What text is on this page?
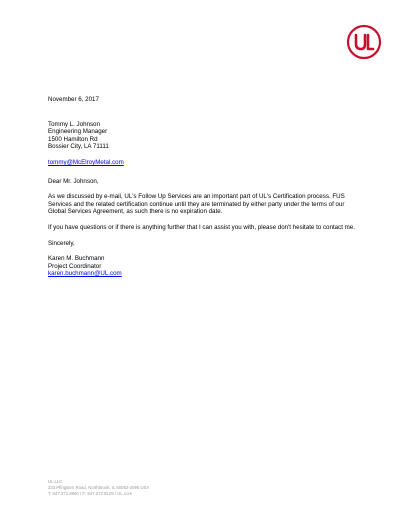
UL

November 6, 2017

Tommy L. Johnson

Engineering Manager

1500 Hamilton Rd

Bossier City, LA 71111

tommy@McElroyMetal.com

Dear Mr. Johnson,

As we discussed by e-mail, UL's Follow Up Services are an important part of UL's Certification process. FUS Services and the related certification continue until they are terminated by either party under the terms of our Global Services Agreement, as such there is no expiration date.

If you have questions or if there is anything further that I can assist you with, please don't hesitate to contact me.

Sincerely,

Karen M. Buchmann

Project Coordinator

karen.buchmann@UL.com

UL LLC

333 Pfingsten Road, Northbrook, IL 60062-2096 USA

T: 847.272.8800 / F: 847.272.8129 / UL.com
